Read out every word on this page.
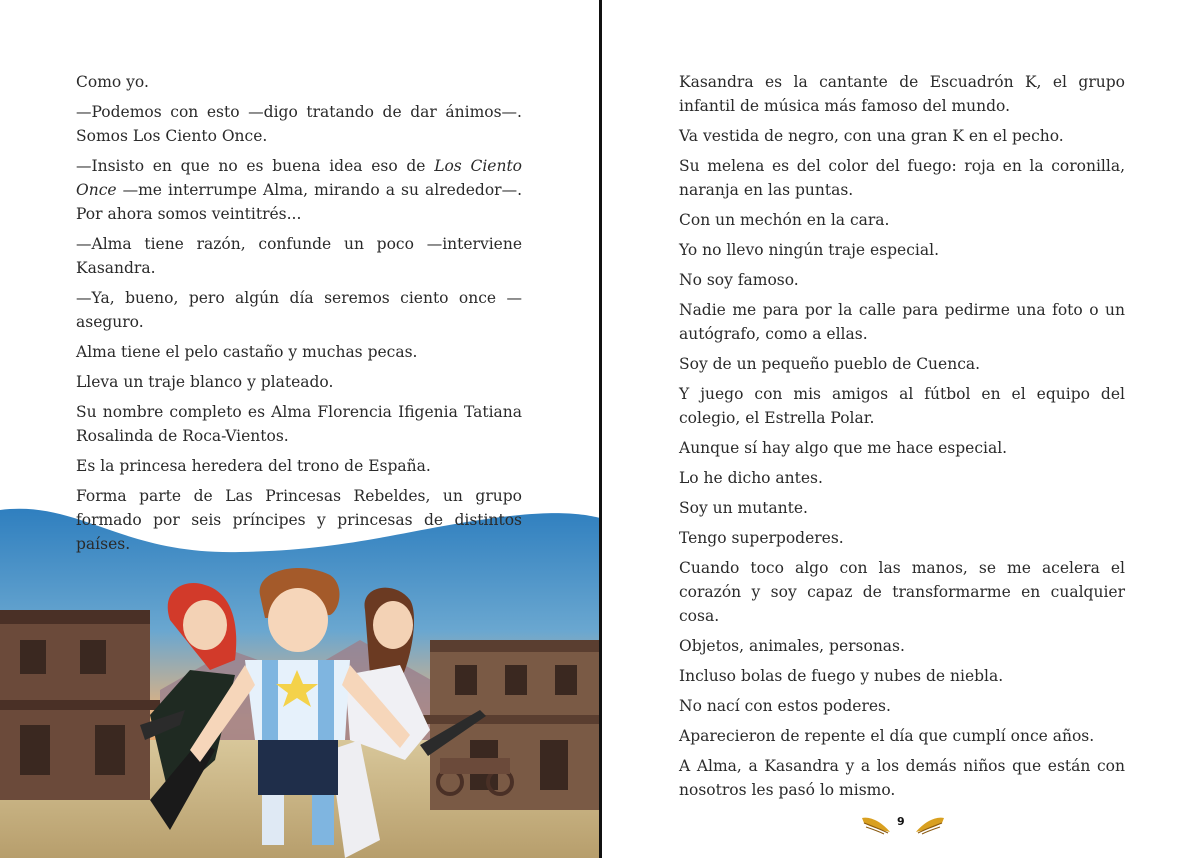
Como yo.

—Podemos con esto —digo tratando de dar ánimos—. Somos Los Ciento Once.

—Insisto en que no es buena idea eso de Los Ciento Once —me interrumpe Alma, mirando a su alrededor—. Por ahora somos veintitrés...

—Alma tiene razón, confunde un poco —interviene Kasandra.

—Ya, bueno, pero algún día seremos ciento once —aseguro.

Alma tiene el pelo castaño y muchas pecas.

Lleva un traje blanco y plateado.

Su nombre completo es Alma Florencia Ifigenia Tatiana Rosalinda de Roca-Vientos.

Es la princesa heredera del trono de España.

Forma parte de Las Princesas Rebeldes, un grupo formado por seis príncipes y princesas de distintos países.

Kasandra es la cantante de Escuadrón K, el grupo infantil de música más famoso del mundo.

Va vestida de negro, con una gran K en el pecho.

Su melena es del color del fuego: roja en la coronilla, naranja en las puntas.

Con un mechón en la cara.

Yo no llevo ningún traje especial.

No soy famoso.

Nadie me para por la calle para pedirme una foto o un autógrafo, como a ellas.

Soy de un pequeño pueblo de Cuenca.

Y juego con mis amigos al fútbol en el equipo del colegio, el Estrella Polar.

Aunque sí hay algo que me hace especial.

Lo he dicho antes.

Soy un mutante.

Tengo superpoderes.

Cuando toco algo con las manos, se me acelera el corazón y soy capaz de transformarme en cualquier cosa.

Objetos, animales, personas.

Incluso bolas de fuego y nubes de niebla.

No nací con estos poderes.

Aparecieron de repente el día que cumplí once años.

A Alma, a Kasandra y a los demás niños que están con nosotros les pasó lo mismo.

9
